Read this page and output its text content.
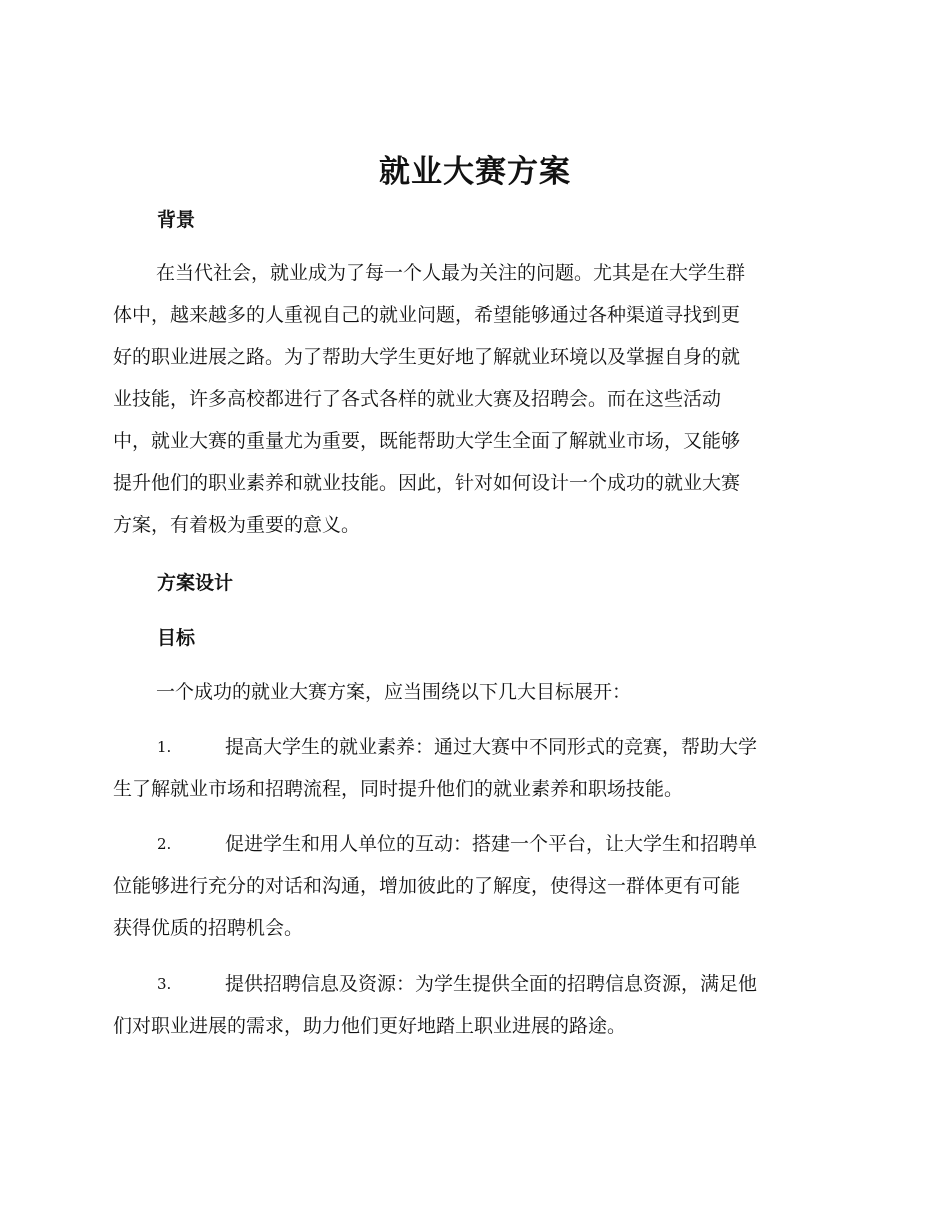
就业大赛方案
背景
在当代社会，就业成为了每一个人最为关注的问题。尤其是在大学生群
体中，越来越多的人重视自己的就业问题，希望能够通过各种渠道寻找到更
好的职业进展之路。为了帮助大学生更好地了解就业环境以及掌握自身的就
业技能，许多高校都进行了各式各样的就业大赛及招聘会。而在这些活动
中，就业大赛的重量尤为重要，既能帮助大学生全面了解就业市场，又能够
提升他们的职业素养和就业技能。因此，针对如何设计一个成功的就业大赛
方案，有着极为重要的意义。
方案设计
目标
一个成功的就业大赛方案，应当围绕以下几大目标展开：
1.	提高大学生的就业素养：通过大赛中不同形式的竞赛，帮助大学
生了解就业市场和招聘流程，同时提升他们的就业素养和职场技能。
2.	促进学生和用人单位的互动：搭建一个平台，让大学生和招聘单
位能够进行充分的对话和沟通，增加彼此的了解度，使得这一群体更有可能
获得优质的招聘机会。
3.	提供招聘信息及资源：为学生提供全面的招聘信息资源，满足他
们对职业进展的需求，助力他们更好地踏上职业进展的路途。
